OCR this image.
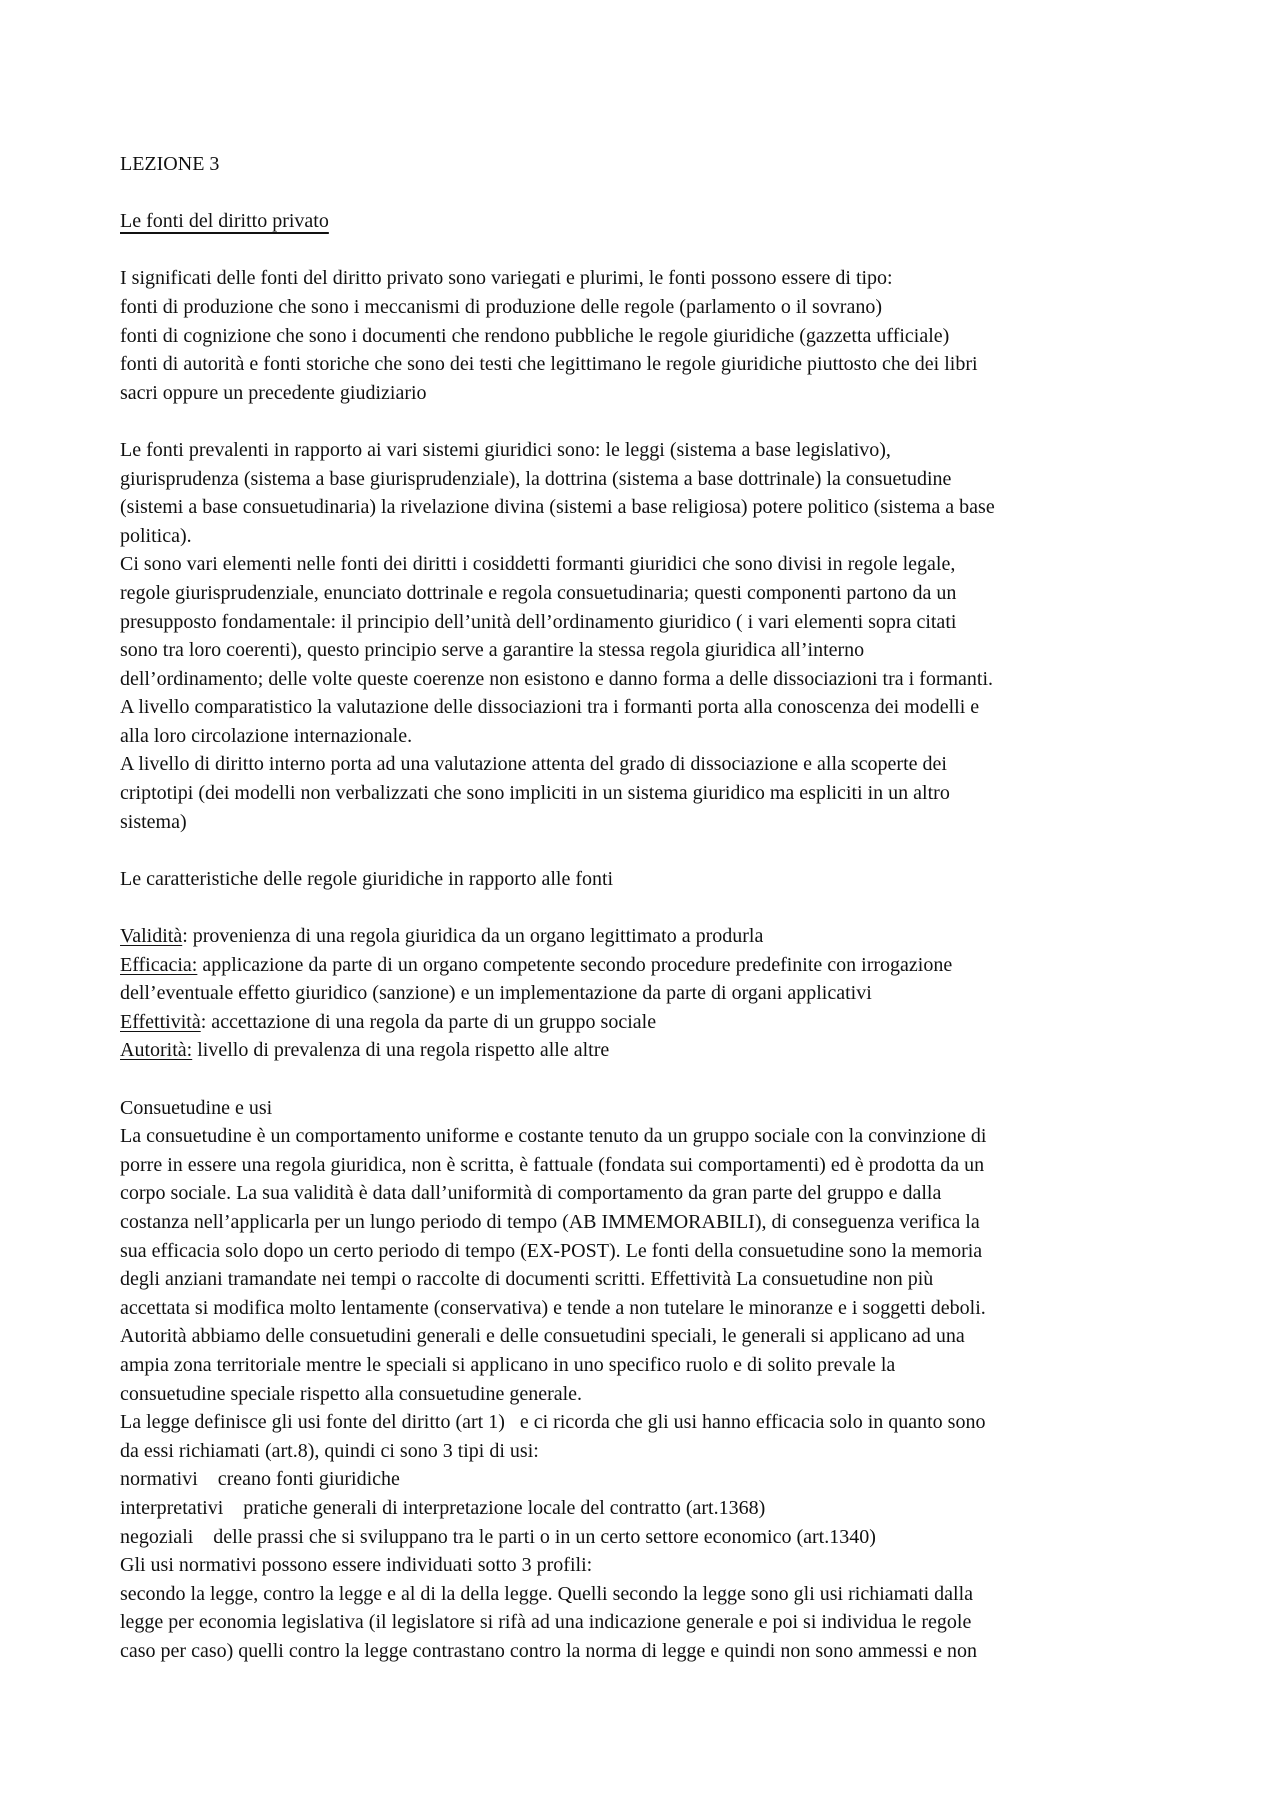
LEZIONE 3
Le fonti del diritto privato
I significati delle fonti del diritto privato sono variegati e plurimi, le fonti possono essere di tipo:
fonti di produzione che sono i meccanismi di produzione delle regole (parlamento o il sovrano)
fonti di cognizione che sono i documenti che rendono pubbliche le regole giuridiche (gazzetta ufficiale)
fonti di autorità e fonti storiche che sono dei testi che legittimano le regole giuridiche piuttosto che dei libri
sacri oppure un precedente giudiziario
Le fonti prevalenti in rapporto ai vari sistemi giuridici sono: le leggi (sistema a base legislativo),
giurisprudenza (sistema a base giurisprudenziale), la dottrina (sistema a base dottrinale) la consuetudine
(sistemi a base consuetudinaria) la rivelazione divina (sistemi a base religiosa) potere politico (sistema a base
politica).
Ci sono vari elementi nelle fonti dei diritti i cosiddetti formanti giuridici che sono divisi in regole legale,
regole giurisprudenziale, enunciato dottrinale e regola consuetudinaria; questi componenti partono da un
presupposto fondamentale: il principio dell’unità dell’ordinamento giuridico ( i vari elementi sopra citati
sono tra loro coerenti), questo principio serve a garantire la stessa regola giuridica all’interno
dell’ordinamento; delle volte queste coerenze non esistono e danno forma a delle dissociazioni tra i formanti.
A livello comparatistico la valutazione delle dissociazioni tra i formanti porta alla conoscenza dei modelli e
alla loro circolazione internazionale.
A livello di diritto interno porta ad una valutazione attenta del grado di dissociazione e alla scoperte dei
criptotipi (dei modelli non verbalizzati che sono impliciti in un sistema giuridico ma espliciti in un altro
sistema)
Le caratteristiche delle regole giuridiche in rapporto alle fonti
Validità: provenienza di una regola giuridica da un organo legittimato a produrla
Efficacia: applicazione da parte di un organo competente secondo procedure predefinite con irrogazione
dell’eventuale effetto giuridico (sanzione) e un implementazione da parte di organi applicativi
Effettività: accettazione di una regola da parte di un gruppo sociale
Autorità: livello di prevalenza di una regola rispetto alle altre
Consuetudine e usi
La consuetudine è un comportamento uniforme e costante tenuto da un gruppo sociale con la convinzione di
porre in essere una regola giuridica, non è scritta, è fattuale (fondata sui comportamenti) ed è prodotta da un
corpo sociale. La sua validità è data dall’uniformità di comportamento da gran parte del gruppo e dalla
costanza nell’applicarla per un lungo periodo di tempo (AB IMMEMORABILI), di conseguenza verifica la
sua efficacia solo dopo un certo periodo di tempo (EX-POST). Le fonti della consuetudine sono la memoria
degli anziani tramandate nei tempi o raccolte di documenti scritti. Effettività La consuetudine non più
accettata si modifica molto lentamente (conservativa) e tende a non tutelare le minoranze e i soggetti deboli.
Autorità abbiamo delle consuetudini generali e delle consuetudini speciali, le generali si applicano ad una
ampia zona territoriale mentre le speciali si applicano in uno specifico ruolo e di solito prevale la
consuetudine speciale rispetto alla consuetudine generale.
La legge definisce gli usi fonte del diritto (art 1)   e ci ricorda che gli usi hanno efficacia solo in quanto sono
da essi richiamati (art.8), quindi ci sono 3 tipi di usi:
normativi    creano fonti giuridiche
interpretativi    pratiche generali di interpretazione locale del contratto (art.1368)
negoziali    delle prassi che si sviluppano tra le parti o in un certo settore economico (art.1340)
Gli usi normativi possono essere individuati sotto 3 profili:
secondo la legge, contro la legge e al di la della legge. Quelli secondo la legge sono gli usi richiamati dalla
legge per economia legislativa (il legislatore si rifà ad una indicazione generale e poi si individua le regole
caso per caso) quelli contro la legge contrastano contro la norma di legge e quindi non sono ammessi e non
